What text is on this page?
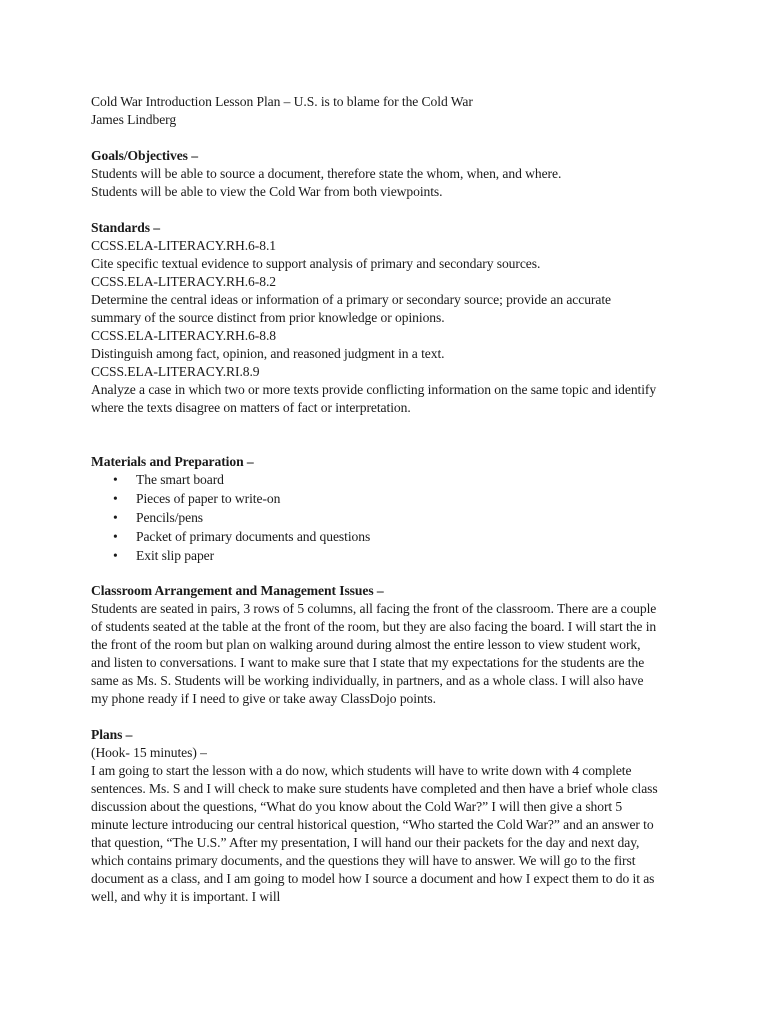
Cold War Introduction Lesson Plan – U.S. is to blame for the Cold War
James Lindberg
Goals/Objectives –
Students will be able to source a document, therefore state the whom, when, and where.
Students will be able to view the Cold War from both viewpoints.
Standards –
CCSS.ELA-LITERACY.RH.6-8.1
Cite specific textual evidence to support analysis of primary and secondary sources.
CCSS.ELA-LITERACY.RH.6-8.2
Determine the central ideas or information of a primary or secondary source; provide an accurate summary of the source distinct from prior knowledge or opinions.
CCSS.ELA-LITERACY.RH.6-8.8
Distinguish among fact, opinion, and reasoned judgment in a text.
CCSS.ELA-LITERACY.RI.8.9
Analyze a case in which two or more texts provide conflicting information on the same topic and identify where the texts disagree on matters of fact or interpretation.
Materials and Preparation –
• The smart board
• Pieces of paper to write-on
• Pencils/pens
• Packet of primary documents and questions
• Exit slip paper
Classroom Arrangement and Management Issues –
Students are seated in pairs, 3 rows of 5 columns, all facing the front of the classroom. There are a couple of students seated at the table at the front of the room, but they are also facing the board. I will start the in the front of the room but plan on walking around during almost the entire lesson to view student work, and listen to conversations. I want to make sure that I state that my expectations for the students are the same as Ms. S. Students will be working individually, in partners, and as a whole class. I will also have my phone ready if I need to give or take away ClassDojo points.
Plans –
(Hook- 15 minutes) –
I am going to start the lesson with a do now, which students will have to write down with 4 complete sentences. Ms. S and I will check to make sure students have completed and then have a brief whole class discussion about the questions, “What do you know about the Cold War?” I will then give a short 5 minute lecture introducing our central historical question, “Who started the Cold War?” and an answer to that question, “The U.S.” After my presentation, I will hand our their packets for the day and next day, which contains primary documents, and the questions they will have to answer. We will go to the first document as a class, and I am going to model how I source a document and how I expect them to do it as well, and why it is important. I will
